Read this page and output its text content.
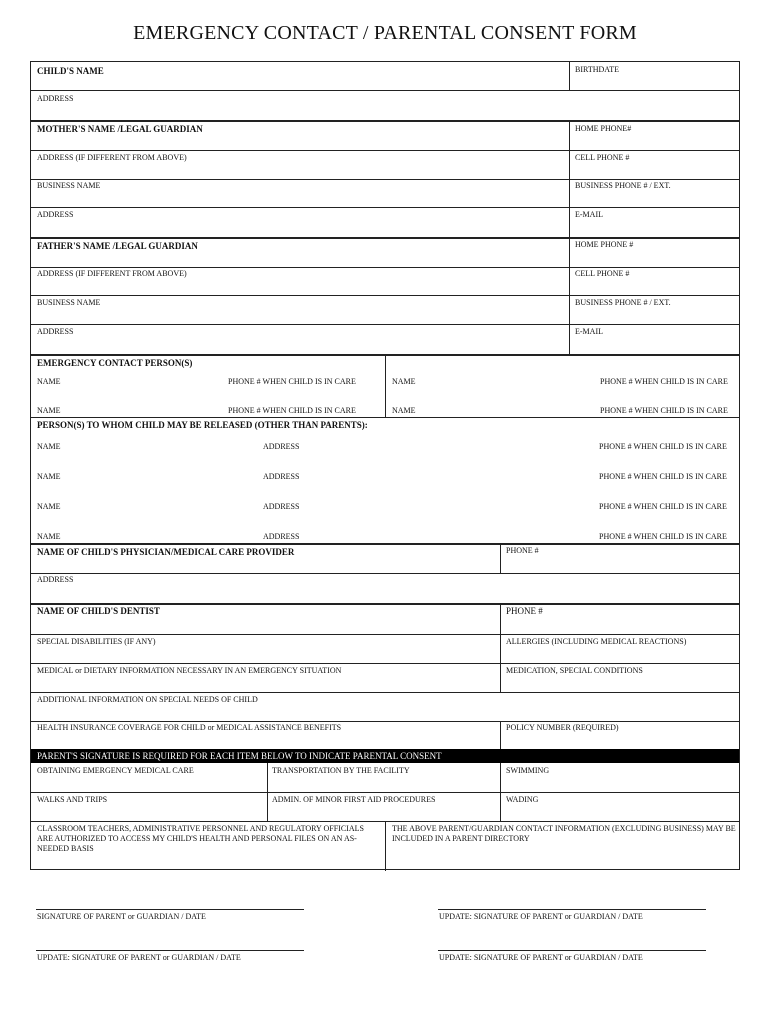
EMERGENCY CONTACT / PARENTAL CONSENT FORM
CHILD'S NAME	BIRTHDATE
ADDRESS
MOTHER'S NAME /LEGAL GUARDIAN	HOME PHONE#
ADDRESS (IF DIFFERENT FROM ABOVE)	CELL PHONE #
BUSINESS NAME	BUSINESS PHONE # / EXT.
ADDRESS	E-MAIL
FATHER'S NAME /LEGAL GUARDIAN	HOME PHONE #
ADDRESS (IF DIFFERENT FROM ABOVE)	CELL PHONE #
BUSINESS NAME	BUSINESS PHONE # / EXT.
ADDRESS	E-MAIL
EMERGENCY CONTACT PERSON(S)
NAME	PHONE # WHEN CHILD IS IN CARE	NAME	PHONE # WHEN CHILD IS IN CARE
NAME	PHONE # WHEN CHILD IS IN CARE	NAME	PHONE # WHEN CHILD IS IN CARE
PERSON(S) TO WHOM CHILD MAY BE RELEASED (OTHER THAN PARENTS):
NAME	ADDRESS	PHONE # WHEN CHILD IS IN CARE
NAME	ADDRESS	PHONE # WHEN CHILD IS IN CARE
NAME	ADDRESS	PHONE # WHEN CHILD IS IN CARE
NAME	ADDRESS	PHONE # WHEN CHILD IS IN CARE
NAME OF CHILD'S PHYSICIAN/MEDICAL CARE PROVIDER	PHONE #
ADDRESS
NAME OF CHILD'S DENTIST	PHONE #
SPECIAL DISABILITIES (IF ANY)	ALLERGIES (INCLUDING MEDICAL REACTIONS)
MEDICAL or DIETARY INFORMATION NECESSARY IN AN EMERGENCY SITUATION	MEDICATION, SPECIAL CONDITIONS
ADDITIONAL INFORMATION ON SPECIAL NEEDS OF CHILD
HEALTH INSURANCE COVERAGE FOR CHILD or MEDICAL ASSISTANCE BENEFITS	POLICY NUMBER (REQUIRED)
PARENT'S SIGNATURE IS REQUIRED FOR EACH ITEM BELOW TO INDICATE PARENTAL CONSENT
OBTAINING EMERGENCY MEDICAL CARE	TRANSPORTATION BY THE FACILITY	SWIMMING
WALKS AND TRIPS	ADMIN. OF MINOR FIRST AID PROCEDURES	WADING
CLASSROOM TEACHERS, ADMINISTRATIVE PERSONNEL AND REGULATORY OFFICIALS ARE AUTHORIZED TO ACCESS MY CHILD'S HEALTH AND PERSONAL FILES ON AN AS-NEEDED BASIS
THE ABOVE PARENT/GUARDIAN CONTACT INFORMATION (EXCLUDING BUSINESS) MAY BE INCLUDED IN A PARENT DIRECTORY
SIGNATURE OF PARENT or GUARDIAN / DATE	UPDATE: SIGNATURE OF PARENT or GUARDIAN / DATE
UPDATE: SIGNATURE OF PARENT or GUARDIAN / DATE	UPDATE: SIGNATURE OF PARENT or GUARDIAN / DATE
